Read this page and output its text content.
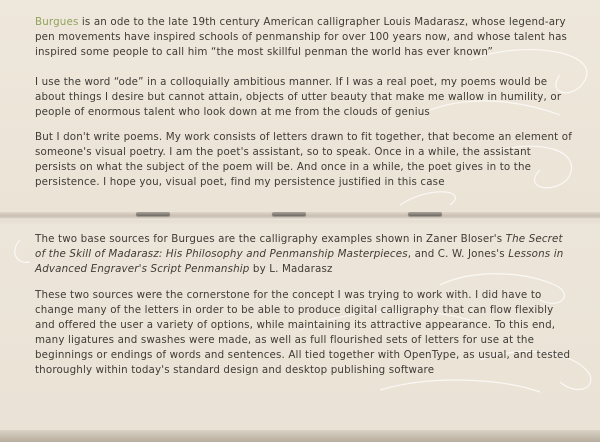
Burgues is an ode to the late 19th century American calligrapher Louis Madarasz, whose legend-ary pen movements have inspired schools of penmanship for over 100 years now, and whose talent has inspired some people to call him “the most skillful penman the world has ever known”

I use the word “ode” in a colloquially ambitious manner. If I was a real poet, my poems would be about things I desire but cannot attain, objects of utter beauty that make me wallow in humility, or people of enormous talent who look down at me from the clouds of genius

But I don't write poems. My work consists of letters drawn to fit together, that become an element of someone's visual poetry. I am the poet's assistant, so to speak. Once in a while, the assistant persists on what the subject of the poem will be. And once in a while, the poet gives in to the persistence. I hope you, visual poet, find my persistence justified in this case

The two base sources for Burgues are the calligraphy examples shown in Zaner Bloser's The Secret of the Skill of Madarasz: His Philosophy and Penmanship Masterpieces, and C. W. Jones's Lessons in Advanced Engraver's Script Penmanship by L. Madarasz

These two sources were the cornerstone for the concept I was trying to work with. I did have to change many of the letters in order to be able to produce digital calligraphy that can flow flexibly and offered the user a variety of options, while maintaining its attractive appearance. To this end, many ligatures and swashes were made, as well as full flourished sets of letters for use at the beginnings or endings of words and sentences. All tied together with OpenType, as usual, and tested thoroughly within today's standard design and desktop publishing software
